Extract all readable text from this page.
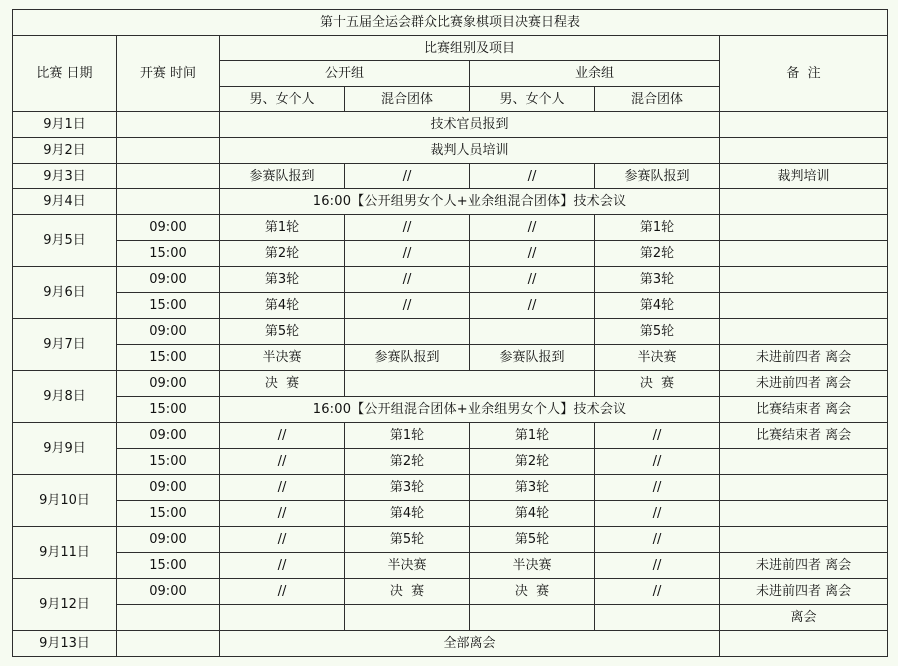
第十五届全运会群众比赛象棋项目决赛日程表						
比赛 日期	开赛 时间	比赛组别及项目				备  注
		公开组		业余组		
		男、女个人	混合团体	男、女个人	混合团体	
9月1日		技术官员报到				
9月2日		裁判人员培训				
9月3日		参赛队报到	//	//	参赛队报到	裁判培训
9月4日		16:00【公开组男女个人+业余组混合团体】技术会议				
9月5日	09:00	第1轮	//	//	第1轮	
	15:00	第2轮	//	//	第2轮	
9月6日	09:00	第3轮	//	//	第3轮	
	15:00	第4轮	//	//	第4轮	
9月7日	09:00	第5轮			第5轮	
	15:00	半决赛	参赛队报到	参赛队报到	半决赛	未进前四者 离会
9月8日	09:00	决  赛			决  赛	未进前四者 离会
	15:00	16:00【公开组混合团体+业余组男女个人】技术会议				比赛结束者 离会
9月9日	09:00	//	第1轮	第1轮	//	比赛结束者 离会
	15:00	//	第2轮	第2轮	//	
9月10日	09:00	//	第3轮	第3轮	//	
	15:00	//	第4轮	第4轮	//	
9月11日	09:00	//	第5轮	第5轮	//	
	15:00	//	半决赛	半决赛	//	未进前四者 离会
9月12日	09:00	//	决  赛	决  赛	//	未进前四者 离会
						离会
9月13日		全部离会				
